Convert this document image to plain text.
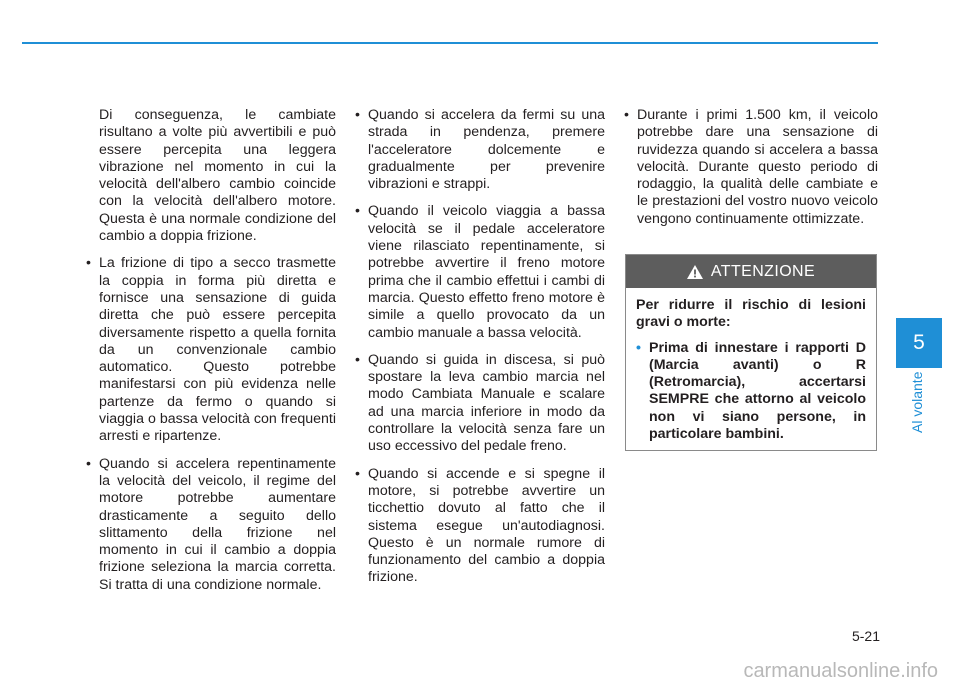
Di conseguenza, le cambiate risultano a volte più avvertibili e può essere percepita una leggera vibrazione nel momento in cui la velocità dell'albero cambio coincide con la velocità dell'albero motore. Questa è una normale condizione del cambio a doppia frizione.

• La frizione di tipo a secco trasmette la coppia in forma più diretta e fornisce una sensazione di guida diretta che può essere percepita diversamente rispetto a quella fornita da un convenzionale cambio automatico. Questo potrebbe manifestarsi con più evidenza nelle partenze da fermo o quando si viaggia o bassa velocità con frequenti arresti e ripartenze.

• Quando si accelera repentinamente la velocità del veicolo, il regime del motore potrebbe aumentare drasticamente a seguito dello slittamento della frizione nel momento in cui il cambio a doppia frizione seleziona la marcia corretta. Si tratta di una condizione normale.

• Quando si accelera da fermi su una strada in pendenza, premere l'acceleratore dolcemente e gradualmente per prevenire vibrazioni e strappi.

• Quando il veicolo viaggia a bassa velocità se il pedale acceleratore viene rilasciato repentinamente, si potrebbe avvertire il freno motore prima che il cambio effettui i cambi di marcia. Questo effetto freno motore è simile a quello provocato da un cambio manuale a bassa velocità.

• Quando si guida in discesa, si può spostare la leva cambio marcia nel modo Cambiata Manuale e scalare ad una marcia inferiore in modo da controllare la velocità senza fare un uso eccessivo del pedale freno.

• Quando si accende e si spegne il motore, si potrebbe avvertire un ticchettio dovuto al fatto che il sistema esegue un'autodiagnosi. Questo è un normale rumore di funzionamento del cambio a doppia frizione.

• Durante i primi 1.500 km, il veicolo potrebbe dare una sensazione di ruvidezza quando si accelera a bassa velocità. Durante questo periodo di rodaggio, la qualità delle cambiate e le prestazioni del vostro nuovo veicolo vengono continuamente ottimizzate.

ATTENZIONE

Per ridurre il rischio di lesioni gravi o morte:

• Prima di innestare i rapporti D (Marcia avanti) o R (Retromarcia), accertarsi SEMPRE che attorno al veicolo non vi siano persone, in particolare bambini.

5
Al volante
5-21
carmanualsonline.info
